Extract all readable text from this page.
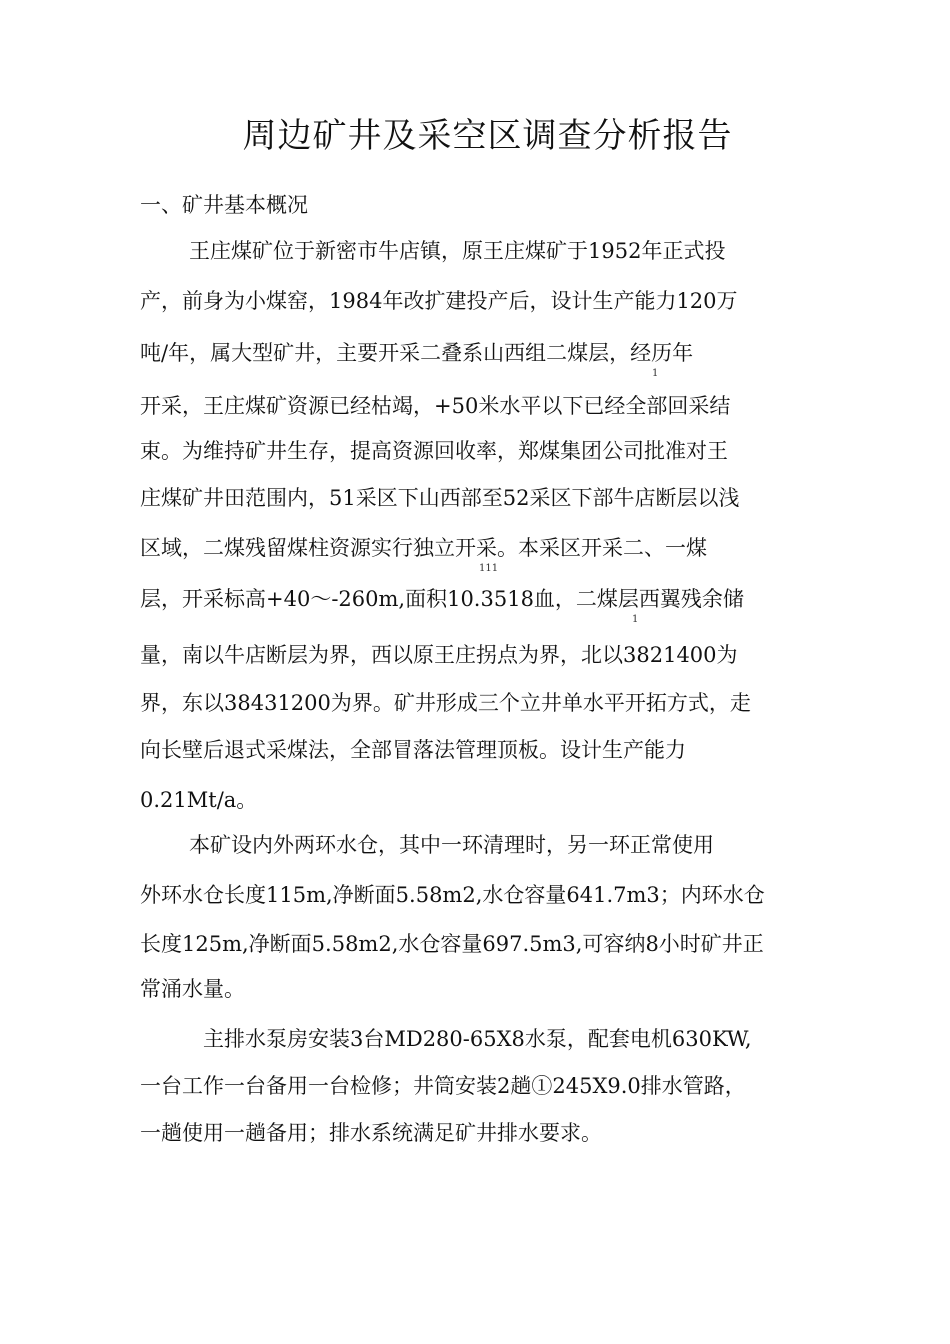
周边矿井及采空区调查分析报告
一、矿井基本概况
王庄煤矿位于新密市牛店镇，原王庄煤矿于1952年正式投
产，前身为小煤窑，1984年改扩建投产后，设计生产能力120万
吨/年，属大型矿井，主要开采二叠系山西组二煤层，经历年
1
开采，王庄煤矿资源已经枯竭，+50米水平以下已经全部回采结
束。为维持矿井生存，提高资源回收率，郑煤集团公司批准对王
庄煤矿井田范围内，51采区下山西部至52采区下部牛店断层以浅
区域，二煤残留煤柱资源实行独立开采。本采区开采二、一煤
111
层，开采标高+40〜-260m,面积10.3518血，二煤层西翼残余储
1
量，南以牛店断层为界，西以原王庄拐点为界，北以3821400为
界，东以38431200为界。矿井形成三个立井单水平开拓方式，走
向长壁后退式采煤法，全部冒落法管理顶板。设计生产能力
0.21Mt/a。
本矿设内外两环水仓，其中一环清理时，另一环正常使用
外环水仓长度115m,净断面5.58m2,水仓容量641.7m3；内环水仓
长度125m,净断面5.58m2,水仓容量697.5m3,可容纳8小时矿井正
常涌水量。
主排水泵房安装3台MD280-65X8水泵，配套电机630KW,
一台工作一台备用一台检修；井筒安装2趟①245X9.0排水管路，
一趟使用一趟备用；排水系统满足矿井排水要求。
